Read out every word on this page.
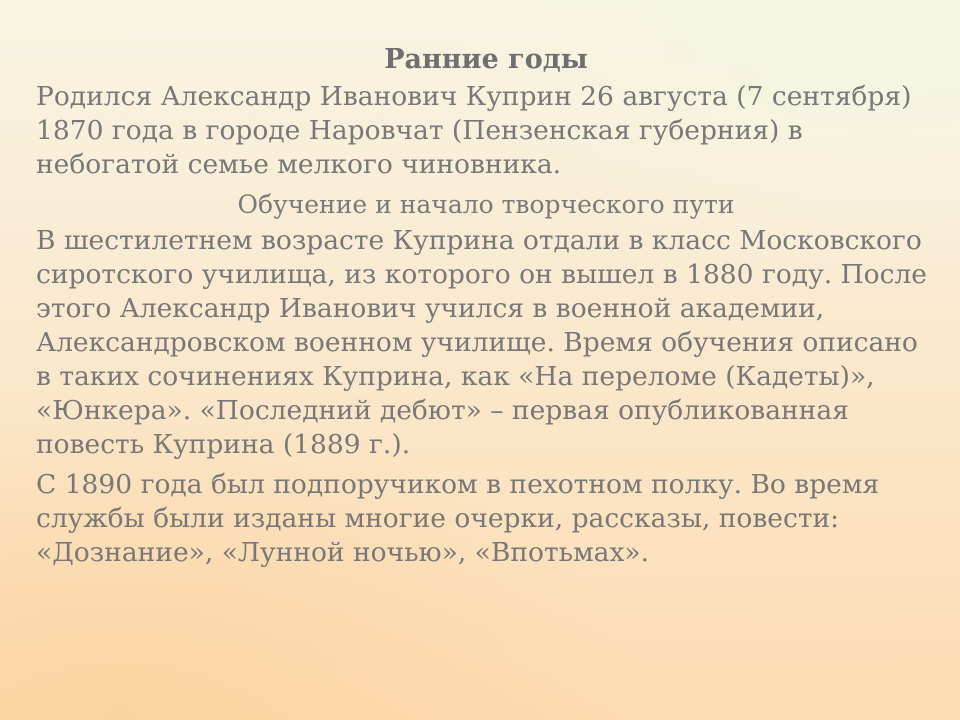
Ранние годы
Родился Александр Иванович Куприн 26 августа (7 сентября) 1870 года в городе Наровчат (Пензенская губерния) в небогатой семье мелкого чиновника.
Обучение и начало творческого пути
В шестилетнем возрасте Куприна отдали в класс Московского сиротского училища, из которого он вышел в 1880 году. После этого Александр Иванович учился в военной академии, Александровском военном училище. Время обучения описано в таких сочинениях Куприна, как «На переломе (Кадеты)», «Юнкера». «Последний дебют» – первая опубликованная повесть Куприна (1889 г.).
С 1890 года был подпоручиком в пехотном полку. Во время службы были изданы многие очерки, рассказы, повести: «Дознание», «Лунной ночью», «Впотьмах».
